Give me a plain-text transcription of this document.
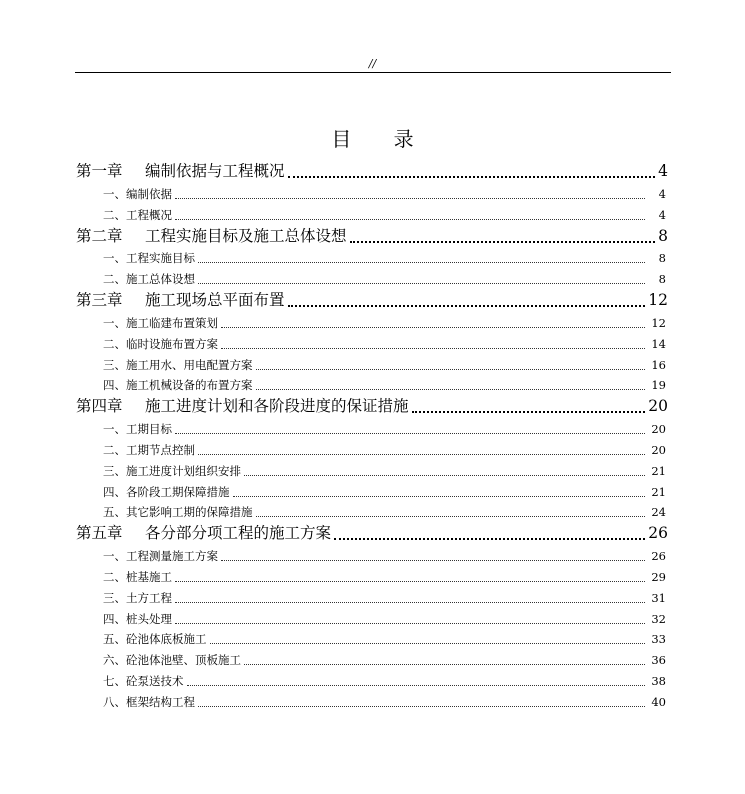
//
目 录
第一章	编制依据与工程概况	4
一、 编制依据	4
二、 工程概况	4
第二章	工程实施目标及施工总体设想	8
一、 工程实施目标	8
二、 施工总体设想	8
第三章	施工现场总平面布置	12
一、 施工临建布置策划	12
二、 临时设施布置方案	14
三、 施工用水、用电配置方案	16
四、 施工机械设备的布置方案	19
第四章	施工进度计划和各阶段进度的保证措施	20
一、 工期目标	20
二、 工期节点控制	20
三、 施工进度计划组织安排	21
四、 各阶段工期保障措施	21
五、 其它影响工期的保障措施	24
第五章	各分部分项工程的施工方案	26
一、 工程测量施工方案	26
二、 桩基施工	29
三、 土方工程	31
四、 桩头处理	32
五、 砼池体底板施工	33
六、 砼池体池壁、顶板施工	36
七、 砼泵送技术	38
八、 框架结构工程	40
